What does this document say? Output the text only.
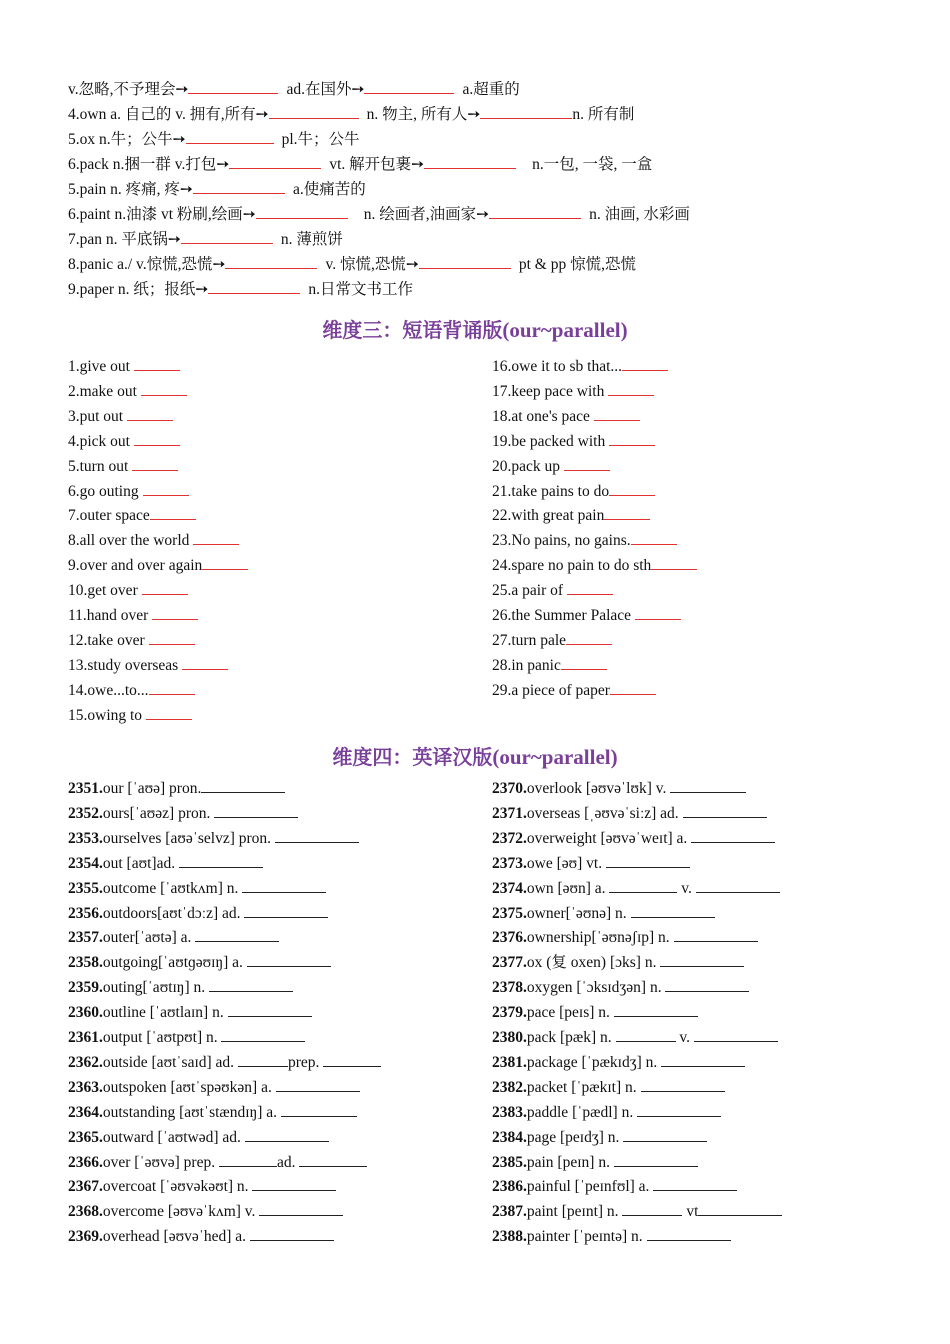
v.忽略,不予理会➙	ad.在国外➙	a.超重的
4.own a. 自己的 v. 拥有,所有➙	n. 物主, 所有人➙	n. 所有制
5.ox n.牛；公牛➙	pl.牛；公牛
6.pack n.捆一群 v.打包➙	vt. 解开包裹➙	n.一包, 一袋, 一盒
5.pain n. 疼痛, 疼➙	a.使痛苦的
6.paint n.油漆 vt 粉刷,绘画➙	n. 绘画者,油画家➙	n. 油画, 水彩画
7.pan n. 平底锅➙	n. 薄煎饼
8.panic a./ v.惊慌,恐慌➙	v. 惊慌,恐慌➙	pt & pp 惊慌,恐慌
9.paper n. 纸；报纸➙	n.日常文书工作
维度三：短语背诵版(our~parallel)
1.give out
2.make out
3.put out
4.pick out
5.turn out
6.go outing
7.outer space
8.all over the world
9.over and over again
10.get over
11.hand over
12.take over
13.study overseas
14.owe...to...
15.owing to
16.owe it to sb that...
17.keep pace with
18.at one's pace
19.be packed with
20.pack up
21.take pains to do
22.with great pain
23.No pains, no gains.
24.spare no pain to do sth
25.a pair of
26.the Summer Palace
27.turn pale
28.in panic
29.a piece of paper
维度四：英译汉版(our~parallel)
2351.our [ˈaʊə] pron.
2352.ours[ˈaʊəz] pron.
2353.ourselves [aʊəˈselvz] pron.
2354.out [aʊt]ad.
2355.outcome [ˈaʊtkʌm] n.
2356.outdoors[aʊtˈdɔːz] ad.
2357.outer[ˈaʊtə] a.
2358.outgoing[ˈaʊtɡəʊɪŋ] a.
2359.outing[ˈaʊtɪŋ] n.
2360.outline [ˈaʊtlaɪn] n.
2361.output [ˈaʊtpʊt] n.
2362.outside [aʊtˈsaɪd] ad.	prep.
2363.outspoken [aʊtˈspəʊkən] a.
2364.outstanding [aʊtˈstændɪŋ] a.
2365.outward [ˈaʊtwəd] ad.
2366.over [ˈəʊvə] prep.	ad.
2367.overcoat [ˈəʊvəkəʊt] n.
2368.overcome [əʊvəˈkʌm] v.
2369.overhead [əʊvəˈhed] a.
2370.overlook [əʊvəˈlʊk] v.
2371.overseas [ˌəʊvəˈsiːz] ad.
2372.overweight [əʊvəˈweɪt] a.
2373.owe [əʊ] vt.
2374.own [əʊn] a.	v.
2375.owner[ˈəʊnə] n.
2376.ownership[ˈəʊnəʃɪp] n.
2377.ox (复 oxen) [ɔks] n.
2378.oxygen [ˈɔksɪdʒən] n.
2379.pace [peɪs] n.
2380.pack [pæk] n.	v.
2381.package [ˈpækɪdʒ] n.
2382.packet [ˈpækɪt] n.
2383.paddle [ˈpædl] n.
2384.page [peɪdʒ] n.
2385.pain [peɪn] n.
2386.painful [ˈpeɪnfʊl] a.
2387.paint [peɪnt] n.	vt
2388.painter [ˈpeɪntə] n.
